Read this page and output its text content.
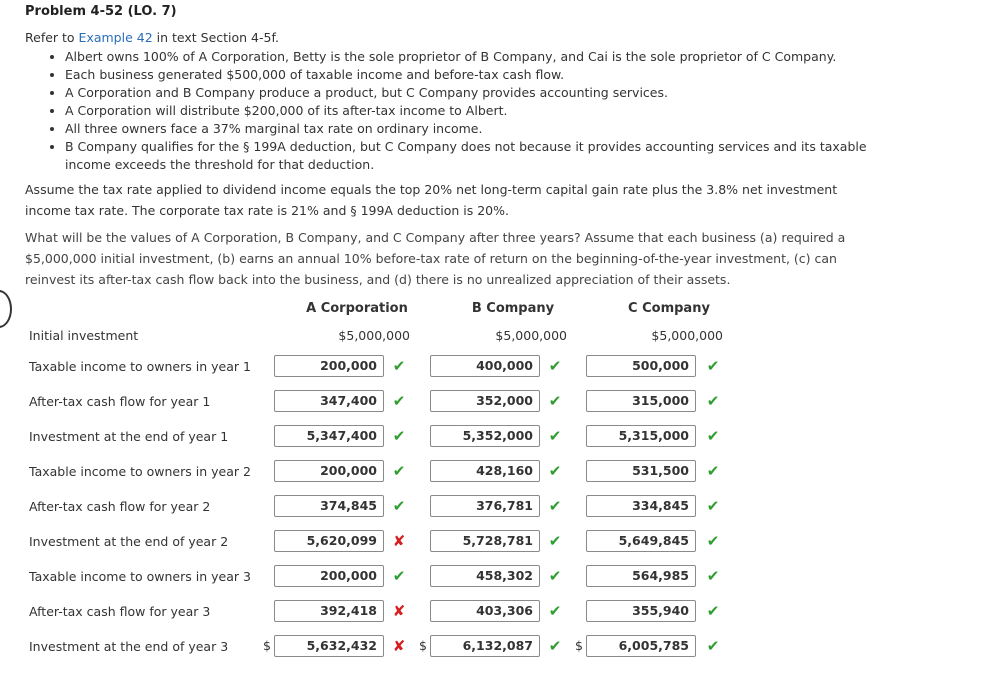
Problem 4-52 (LO. 7)
Refer to Example 42 in text Section 4-5f.
• Albert owns 100% of A Corporation, Betty is the sole proprietor of B Company, and Cai is the sole proprietor of C Company.
• Each business generated $500,000 of taxable income and before-tax cash flow.
• A Corporation and B Company produce a product, but C Company provides accounting services.
• A Corporation will distribute $200,000 of its after-tax income to Albert.
• All three owners face a 37% marginal tax rate on ordinary income.
• B Company qualifies for the § 199A deduction, but C Company does not because it provides accounting services and its taxable income exceeds the threshold for that deduction.
Assume the tax rate applied to dividend income equals the top 20% net long-term capital gain rate plus the 3.8% net investment income tax rate. The corporate tax rate is 21% and § 199A deduction is 20%.
What will be the values of A Corporation, B Company, and C Company after three years? Assume that each business (a) required a $5,000,000 initial investment, (b) earns an annual 10% before-tax rate of return on the beginning-of-the-year investment, (c) can reinvest its after-tax cash flow back into the business, and (d) there is no unrealized appreciation of their assets.
A Corporation	B Company	C Company
Initial investment	$5,000,000	$5,000,000	$5,000,000
Taxable income to owners in year 1	200,000	✔	400,000	✔	500,000	✔
After-tax cash flow for year 1	347,400	✔	352,000	✔	315,000	✔
Investment at the end of year 1	5,347,400	✔	5,352,000	✔	5,315,000	✔
Taxable income to owners in year 2	200,000	✔	428,160	✔	531,500	✔
After-tax cash flow for year 2	374,845	✔	376,781	✔	334,845	✔
Investment at the end of year 2	5,620,099	✘	5,728,781	✔	5,649,845	✔
Taxable income to owners in year 3	200,000	✔	458,302	✔	564,985	✔
After-tax cash flow for year 3	392,418	✘	403,306	✔	355,940	✔
Investment at the end of year 3	$	5,632,432	✘ $	6,132,087	✔ $	6,005,785	✔
